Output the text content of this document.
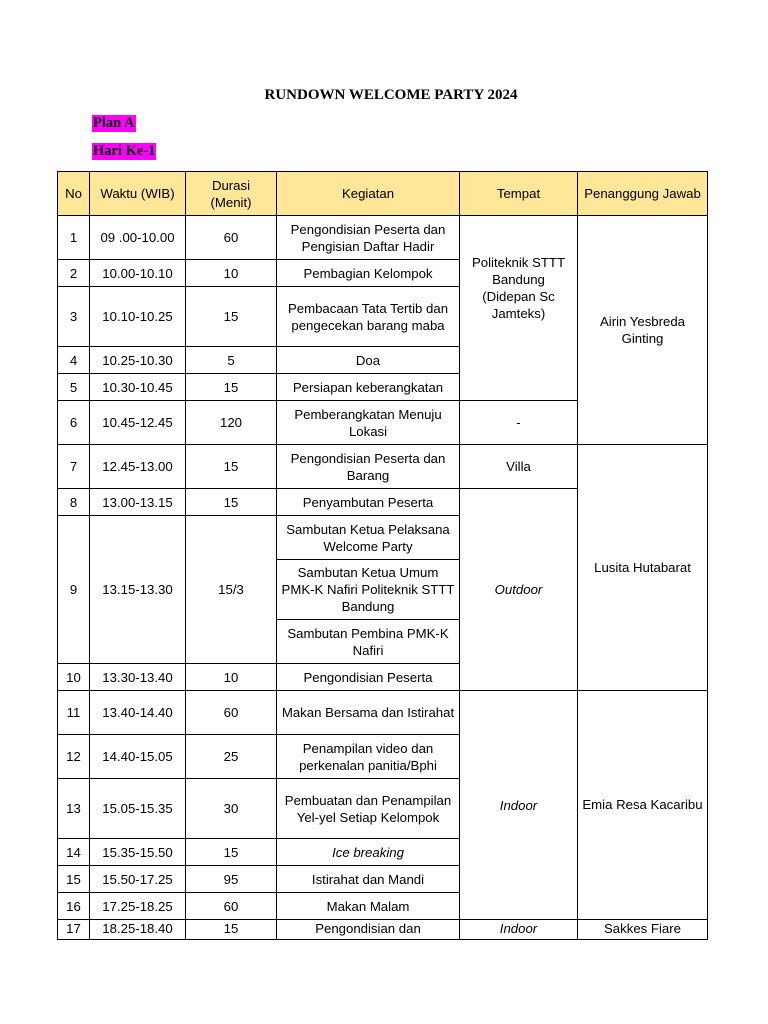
RUNDOWN WELCOME PARTY 2024
Plan A
Hari Ke-1
No	Waktu (WIB)	Durasi (Menit)	Kegiatan	Tempat	Penanggung Jawab
1	09 .00-10.00	60	Pengondisian Peserta dan Pengisian Daftar Hadir	Politeknik STTT Bandung (Didepan Sc Jamteks)	Airin Yesbreda Ginting
2	10.00-10.10	10	Pembagian Kelompok		
3	10.10-10.25	15	Pembacaan Tata Tertib dan pengecekan barang maba		
4	10.25-10.30	5	Doa		
5	10.30-10.45	15	Persiapan keberangkatan		
6	10.45-12.45	120	Pemberangkatan Menuju Lokasi	-	
7	12.45-13.00	15	Pengondisian Peserta dan Barang	Villa	Lusita Hutabarat
8	13.00-13.15	15	Penyambutan Peserta	Outdoor	
9	13.15-13.30	15/3	Sambutan Ketua Pelaksana Welcome Party		
			Sambutan Ketua Umum PMK-K Nafiri Politeknik STTT Bandung		
			Sambutan Pembina PMK-K Nafiri		
10	13.30-13.40	10	Pengondisian Peserta		
11	13.40-14.40	60	Makan Bersama dan Istirahat	Indoor	Emia Resa Kacaribu
12	14.40-15.05	25	Penampilan video dan perkenalan panitia/Bphi		
13	15.05-15.35	30	Pembuatan dan Penampilan Yel-yel Setiap Kelompok		
14	15.35-15.50	15	Ice breaking		
15	15.50-17.25	95	Istirahat dan Mandi		
16	17.25-18.25	60	Makan Malam		
17	18.25-18.40	15	Pengondisian dan	Indoor	Sakkes Fiare
